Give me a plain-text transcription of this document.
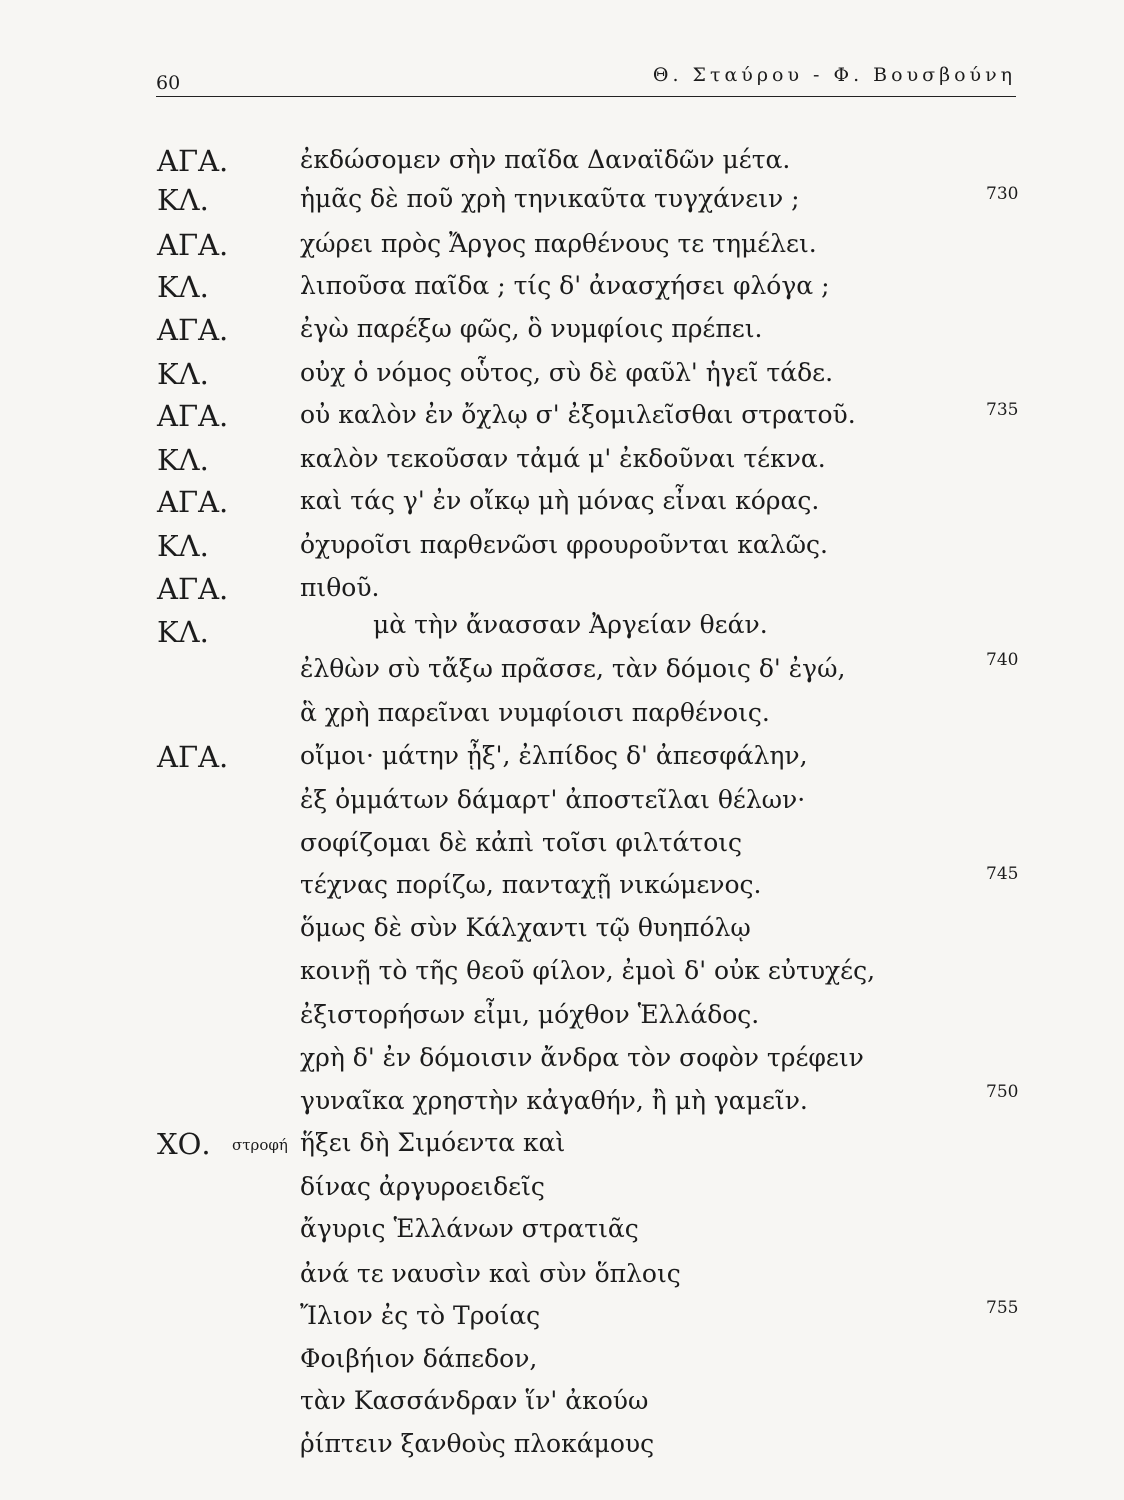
60	Θ. Σταύρου - Φ. Βουσβούνη
ΑΓΑ.	ἐκδώσομεν σὴν παῖδα Δαναϊδῶν μέτα.
ΚΛ.	ἡμᾶς δὲ ποῦ χρὴ τηνικαῦτα τυγχάνειν ;	730
ΑΓΑ.	χώρει πρὸς Ἄργος παρθένους τε τημέλει.
ΚΛ.	λιποῦσα παῖδα ; τίς δ' ἀνασχήσει φλόγα ;
ΑΓΑ.	ἐγὼ παρέξω φῶς, ὃ νυμφίοις πρέπει.
ΚΛ.	οὐχ ὁ νόμος οὗτος, σὺ δὲ φαῦλ' ἡγεῖ τάδε.
ΑΓΑ.	οὐ καλὸν ἐν ὄχλῳ σ' ἐξομιλεῖσθαι στρατοῦ.	735
ΚΛ.	καλὸν τεκοῦσαν τἀμά μ' ἐκδοῦναι τέκνα.
ΑΓΑ.	καὶ τάς γ' ἐν οἴκῳ μὴ μόνας εἶναι κόρας.
ΚΛ.	ὀχυροῖσι παρθενῶσι φρουροῦνται καλῶς.
ΑΓΑ.	πιθοῦ.
ΚΛ.	μὰ τὴν ἄνασσαν Ἀργείαν θεάν.
ἐλθὼν σὺ τἄξω πρᾶσσε, τὰν δόμοις δ' ἐγώ,	740
ἃ χρὴ παρεῖναι νυμφίοισι παρθένοις.
ΑΓΑ.	οἴμοι· μάτην ᾖξ', ἐλπίδος δ' ἀπεσφάλην,
ἐξ ὀμμάτων δάμαρτ' ἀποστεῖλαι θέλων·
σοφίζομαι δὲ κἀπὶ τοῖσι φιλτάτοις
τέχνας πορίζω, πανταχῇ νικώμενος.	745
ὅμως δὲ σὺν Κάλχαντι τῷ θυηπόλῳ
κοινῇ τὸ τῆς θεοῦ φίλον, ἐμοὶ δ' οὐκ εὐτυχές,
ἐξιστορήσων εἶμι, μόχθον Ἑλλάδος.
χρὴ δ' ἐν δόμοισιν ἄνδρα τὸν σοφὸν τρέφειν
γυναῖκα χρηστὴν κἀγαθήν, ἢ μὴ γαμεῖν.	750
ΧΟ. στροφή ἥξει δὴ Σιμόεντα καὶ
δίνας ἀργυροειδεῖς
ἄγυρις Ἑλλάνων στρατιᾶς
ἀνά τε ναυσὶν καὶ σὺν ὅπλοις
Ἴλιον ἐς τὸ Τροίας	755
Φοιβήιον δάπεδον,
τὰν Κασσάνδραν ἵν' ἀκούω
ῥίπτειν ξανθοὺς πλοκάμους
